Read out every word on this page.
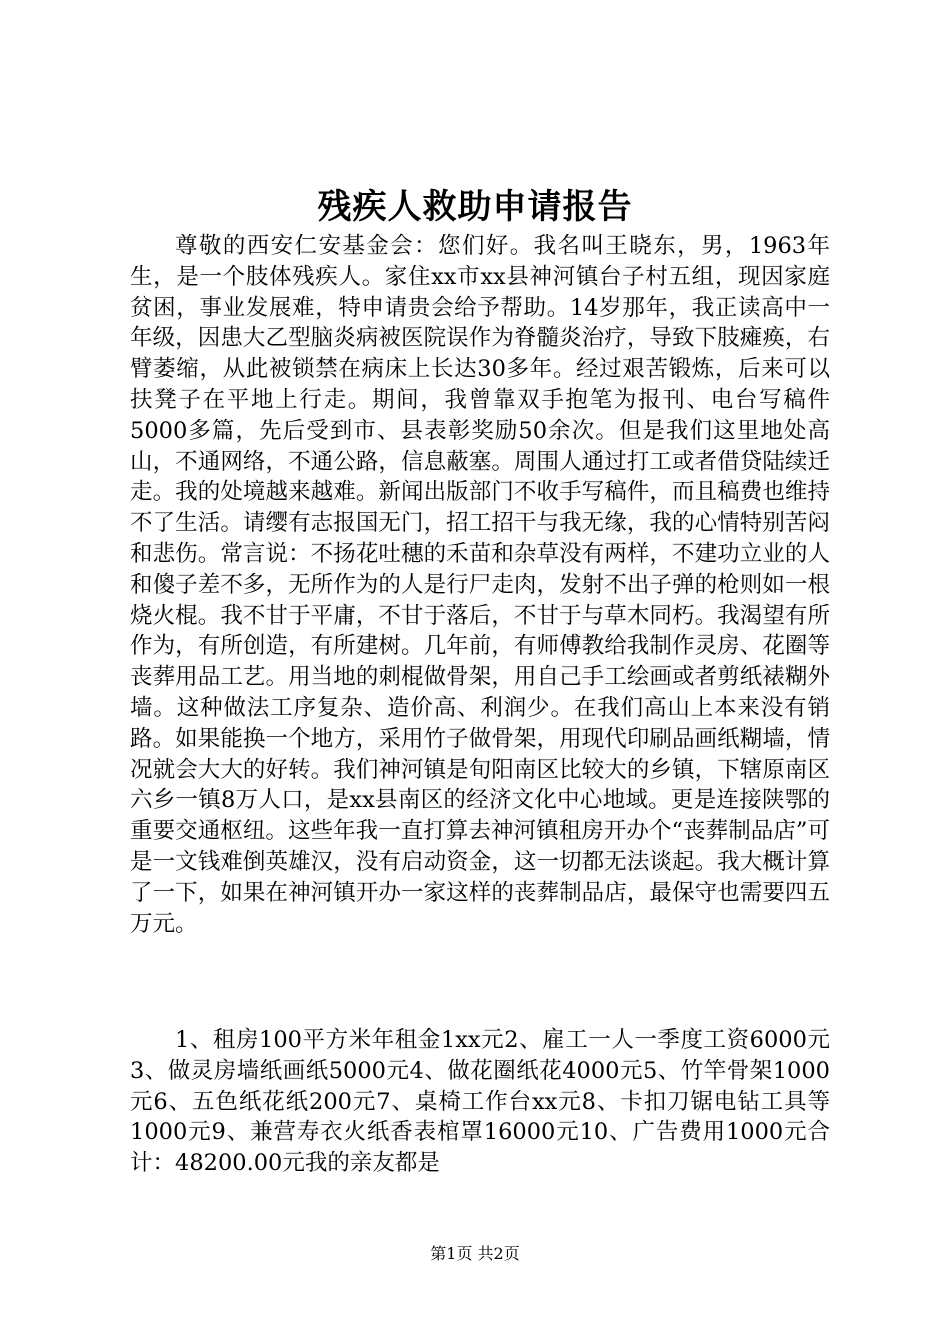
残疾人救助申请报告

尊敬的西安仁安基金会：您们好。我名叫王晓东，男，1963年生，是一个肢体残疾人。家住xx市xx县神河镇台子村五组，现因家庭贫困，事业发展难，特申请贵会给予帮助。14岁那年，我正读高中一年级，因患大乙型脑炎病被医院误作为脊髓炎治疗，导致下肢瘫痪，右臂萎缩，从此被锁禁在病床上长达30多年。经过艰苦锻炼，后来可以扶凳子在平地上行走。期间，我曾靠双手抱笔为报刊、电台写稿件5000多篇，先后受到市、县表彰奖励50余次。但是我们这里地处高山，不通网络，不通公路，信息蔽塞。周围人通过打工或者借贷陆续迁走。我的处境越来越难。新闻出版部门不收手写稿件，而且稿费也维持不了生活。请缨有志报国无门，招工招干与我无缘，我的心情特别苦闷和悲伤。常言说：不扬花吐穗的禾苗和杂草没有两样，不建功立业的人和傻子差不多，无所作为的人是行尸走肉，发射不出子弹的枪则如一根烧火棍。我不甘于平庸，不甘于落后，不甘于与草木同朽。我渴望有所作为，有所创造，有所建树。几年前，有师傅教给我制作灵房、花圈等丧葬用品工艺。用当地的刺棍做骨架，用自己手工绘画或者剪纸裱糊外墙。这种做法工序复杂、造价高、利润少。在我们高山上本来没有销路。如果能换一个地方，采用竹子做骨架，用现代印刷品画纸糊墙，情况就会大大的好转。我们神河镇是旬阳南区比较大的乡镇，下辖原南区六乡一镇8万人口，是xx县南区的经济文化中心地域。更是连接陕鄂的重要交通枢纽。这些年我一直打算去神河镇租房开办个“丧葬制品店”可是一文钱难倒英雄汉，没有启动资金，这一切都无法谈起。我大概计算了一下，如果在神河镇开办一家这样的丧葬制品店，最保守也需要四五万元。

1、租房100平方米年租金1xx元2、雇工一人一季度工资6000元3、做灵房墙纸画纸5000元4、做花圈纸花4000元5、竹竿骨架1000元6、五色纸花纸200元7、桌椅工作台xx元8、卡扣刀锯电钻工具等1000元9、兼营寿衣火纸香表棺罩16000元10、广告费用1000元合计：48200.00元我的亲友都是

第1页 共2页
